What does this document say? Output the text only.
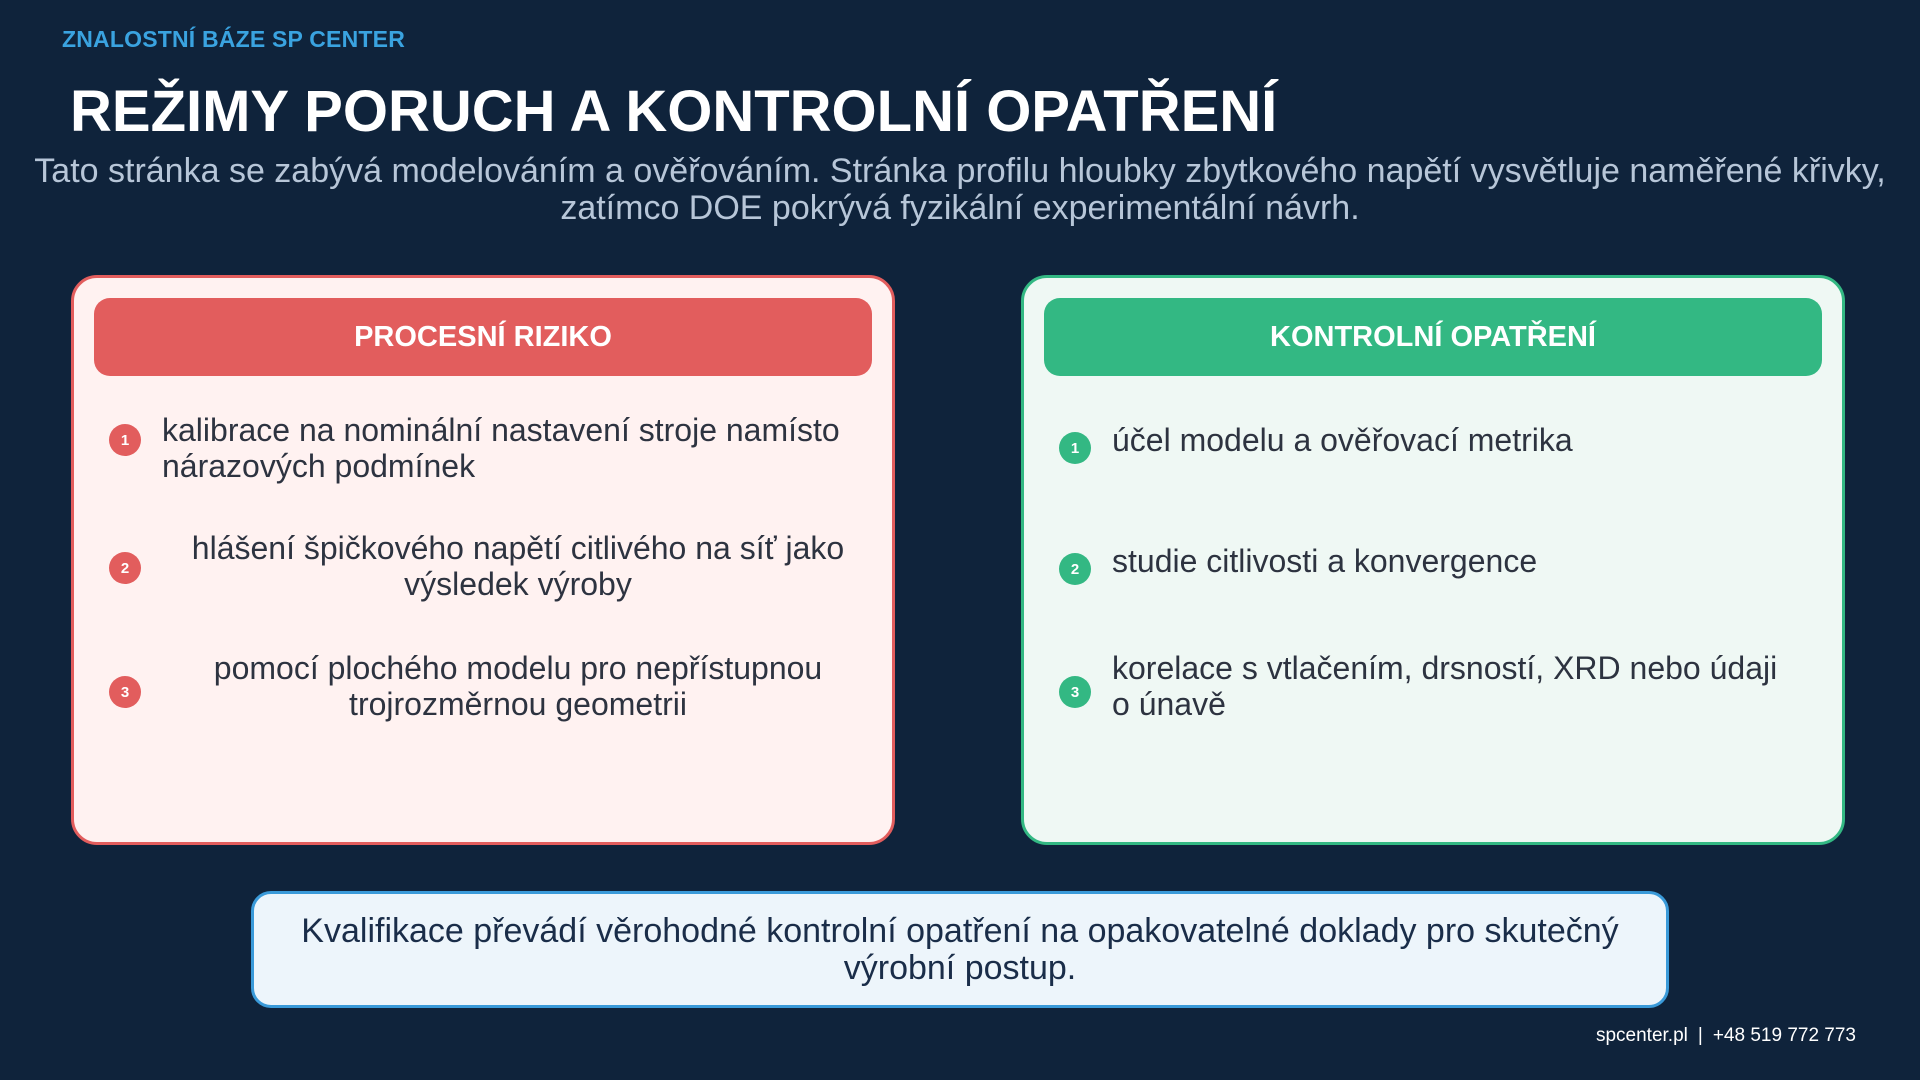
ZNALOSTNÍ BÁZE SP CENTER
REŽIMY PORUCH A KONTROLNÍ OPATŘENÍ
Tato stránka se zabývá modelováním a ověřováním. Stránka profilu hloubky zbytkového napětí vysvětluje naměřené křivky, zatímco DOE pokrývá fyzikální experimentální návrh.
PROCESNÍ RIZIKO
1	kalibrace na nominální nastavení stroje namísto nárazových podmínek
2
hlášení špičkového napětí citlivého na síť jako výsledek výroby
3
pomocí plochého modelu pro nepřístupnou trojrozměrnou geometrii
KONTROLNÍ OPATŘENÍ
1	účel modelu a ověřovací metrika
2	studie citlivosti a konvergence
3
korelace s vtlačením, drsností, XRD nebo údaji o únavě
Kvalifikace převádí věrohodné kontrolní opatření na opakovatelné doklady pro skutečný výrobní postup.
spcenter.pl | +48 519 772 773
